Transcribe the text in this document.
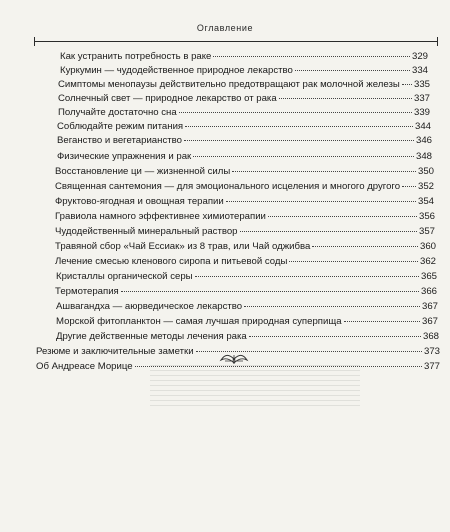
Оглавление
Как устранить потребность в раке	329
Куркумин — чудодейственное природное лекарство	334
Симптомы менопаузы действительно предотвращают рак молочной железы 335
Солнечный свет — природное лекарство от рака	337
Получайте достаточно сна	339
Соблюдайте режим питания	344
Веганство и вегетарианство	346
Физические упражнения и рак	348
Восстановление ци — жизненной силы	350
Священная сантемония — для эмоционального исцеления и многого другого 352
Фруктово-ягодная и овощная терапии	354
Гравиола намного эффективнее химиотерапии	356
Чудодейственный минеральный раствор	357
Травяной сбор «Чай Ессиак» из 8 трав, или Чай оджибва	360
Лечение смесью кленового сиропа и питьевой соды	362
Кристаллы органической серы	365
Термотерапия	366
Ашвагандха — аюрведическое лекарство	367
Морской фитопланктон — самая лучшая природная суперпища	367
Другие действенные методы лечения рака	368
Резюме и заключительные заметки	373
Об Андреасе Морице	377
